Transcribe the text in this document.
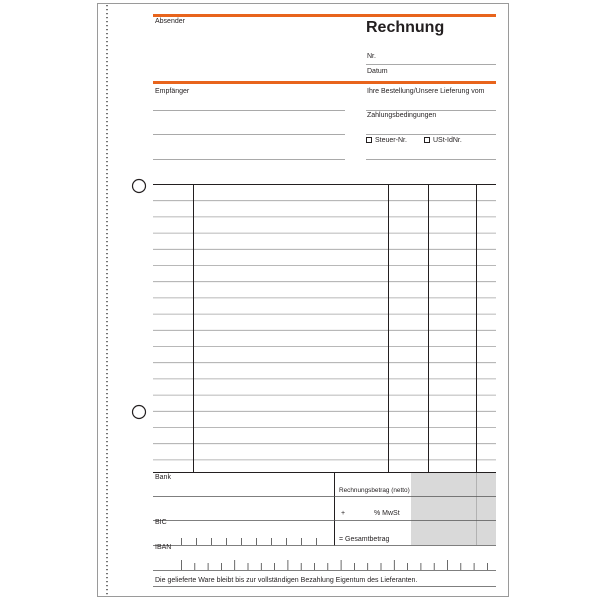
Absender	Rechnung
Nr.
Datum
Empfänger	Ihre Bestellung/Unsere Lieferung vom
Zahlungsbedingungen
Steuer-Nr.	USt-IdNr.
Bank
Rechnungsbetrag (netto)
+	% MwSt
BIC
= Gesamtbetrag
IBAN
Die gelieferte Ware bleibt bis zur vollständigen Bezahlung Eigentum des Lieferanten.
